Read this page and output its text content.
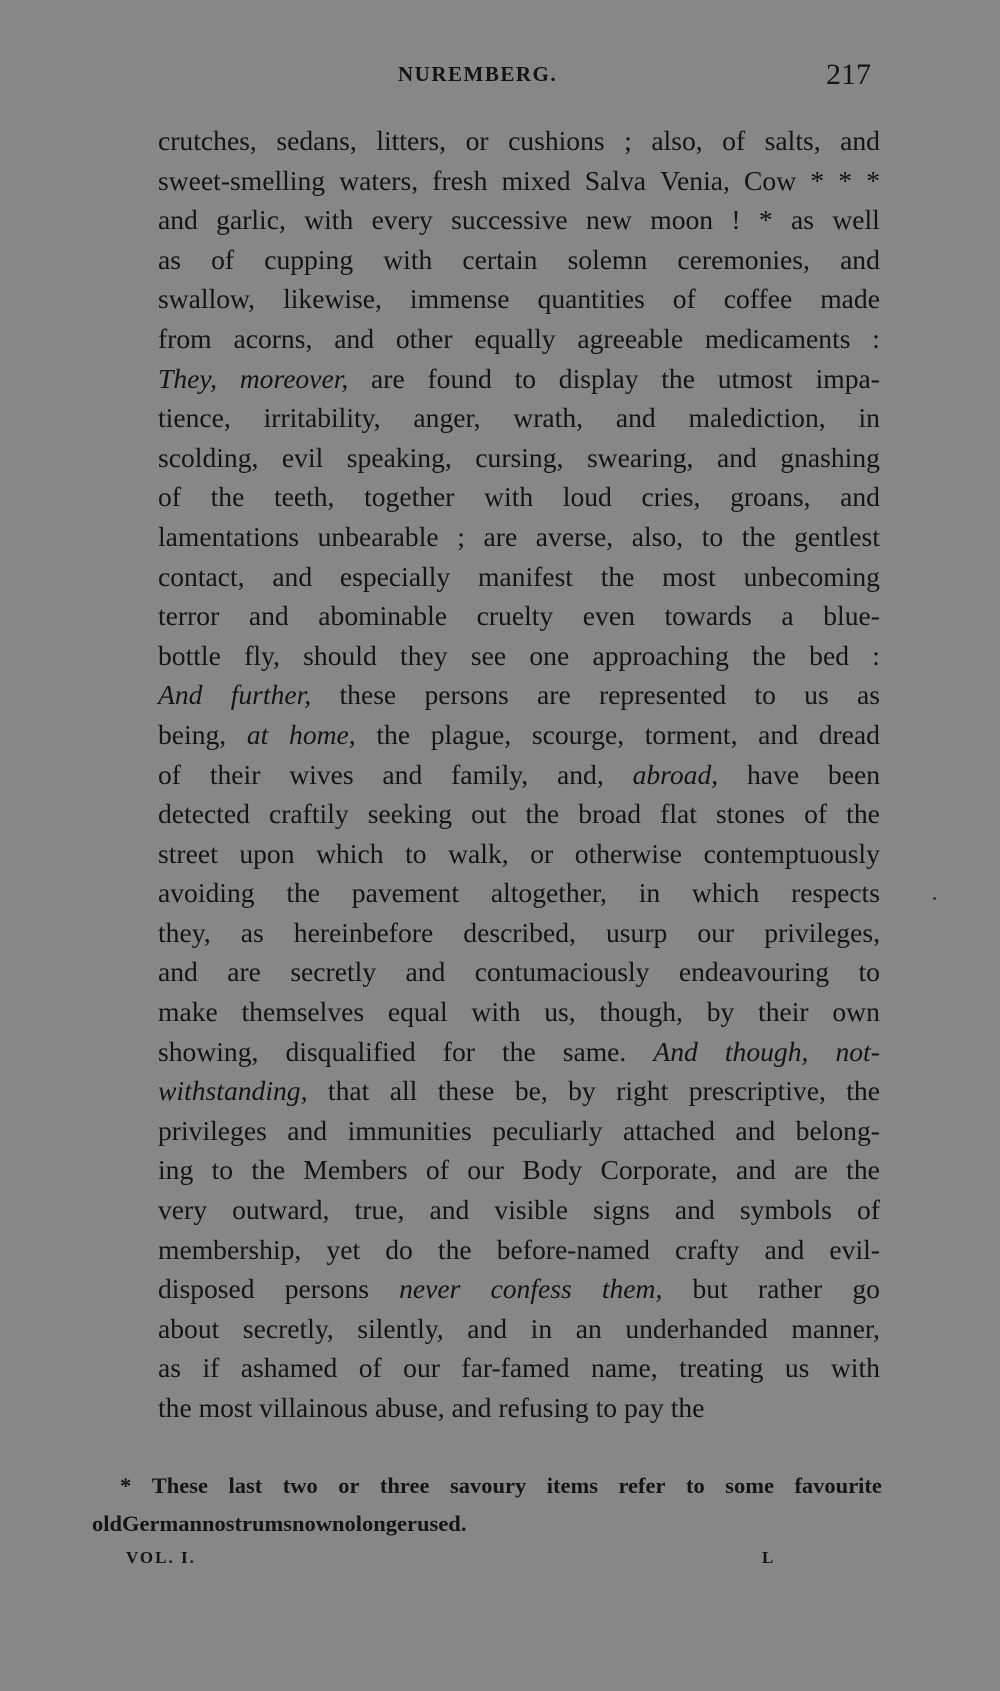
NUREMBERG.	217
crutches, sedans, litters, or cushions ; also, of salts, and
sweet-smelling waters, fresh mixed Salva Venia, Cow * * *
and garlic, with every successive new moon ! * as well
as of cupping with certain solemn ceremonies, and
swallow, likewise, immense quantities of coffee made
from acorns, and other equally agreeable medicaments :
They, moreover, are found to display the utmost impa-
tience, irritability, anger, wrath, and malediction, in
scolding, evil speaking, cursing, swearing, and gnashing
of the teeth, together with loud cries, groans, and
lamentations unbearable ; are averse, also, to the gentlest
contact, and especially manifest the most unbecoming
terror and abominable cruelty even towards a blue-
bottle fly, should they see one approaching the bed :
And further, these persons are represented to us as
being, at home, the plague, scourge, torment, and dread
of their wives and family, and, abroad, have been
detected craftily seeking out the broad flat stones of the
street upon which to walk, or otherwise contemptuously
avoiding the pavement altogether, in which respects
they, as hereinbefore described, usurp our privileges,
and are secretly and contumaciously endeavouring to
make themselves equal with us, though, by their own
showing, disqualified for the same. And though, not-
withstanding, that all these be, by right prescriptive, the
privileges and immunities peculiarly attached and belong-
ing to the Members of our Body Corporate, and are the
very outward, true, and visible signs and symbols of
membership, yet do the before-named crafty and evil-
disposed persons never confess them, but rather go
about secretly, silently, and in an underhanded manner,
as if ashamed of our far-famed name, treating us with
the most villainous abuse, and refusing to pay the
* These last two or three savoury items refer to some favourite
old German nostrums now no longer used.
VOL. I.	L
